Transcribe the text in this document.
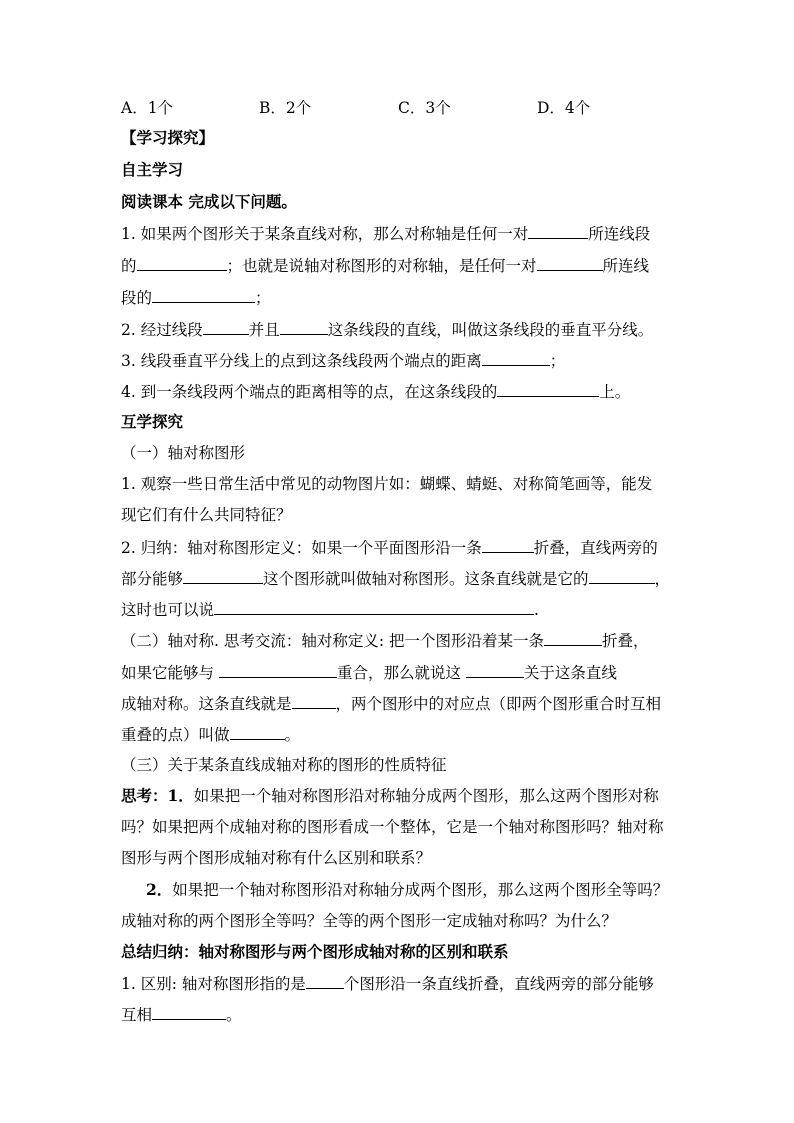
A．1个	B．2个	C．3个	D．4个
【学习探究】
自主学习
阅读课本 完成以下问题。
1. 如果两个图形关于某条直线对称，那么对称轴是任何一对	所连线段
的	；也就是说轴对称图形的对称轴，是任何一对	所连线
段的	；
2. 经过线段	并且	这条线段的直线，叫做这条线段的垂直平分线。
3. 线段垂直平分线上的点到这条线段两个端点的距离	；
4. 到一条线段两个端点的距离相等的点，在这条线段的	上。
互学探究
（一）轴对称图形
1. 观察一些日常生活中常见的动物图片如：蝴蝶、蜻蜓、对称简笔画等，能发
现它们有什么共同特征？
2. 归纳：轴对称图形定义：如果一个平面图形沿一条	折叠，直线两旁的
部分能够	这个图形就叫做轴对称图形。这条直线就是它的	，
这时也可以说	.
（二）轴对称. 思考交流：轴对称定义: 把一个图形沿着某一条	折叠，
如果它能够与	重合，那么就说这	关于这条直线
成轴对称。这条直线就是	，两个图形中的对应点（即两个图形重合时互相
重叠的点）叫做	。
（三）关于某条直线成轴对称的图形的性质特征
思考：1．如果把一个轴对称图形沿对称轴分成两个图形，那么这两个图形对称
吗？如果把两个成轴对称的图形看成一个整体，它是一个轴对称图形吗？轴对称
图形与两个图形成轴对称有什么区别和联系？
2．如果把一个轴对称图形沿对称轴分成两个图形，那么这两个图形全等吗？
成轴对称的两个图形全等吗？全等的两个图形一定成轴对称吗？为什么？
总结归纳：轴对称图形与两个图形成轴对称的区别和联系
1. 区别: 轴对称图形指的是 个图形沿一条直线折叠，直线两旁的部分能够
互相	。
